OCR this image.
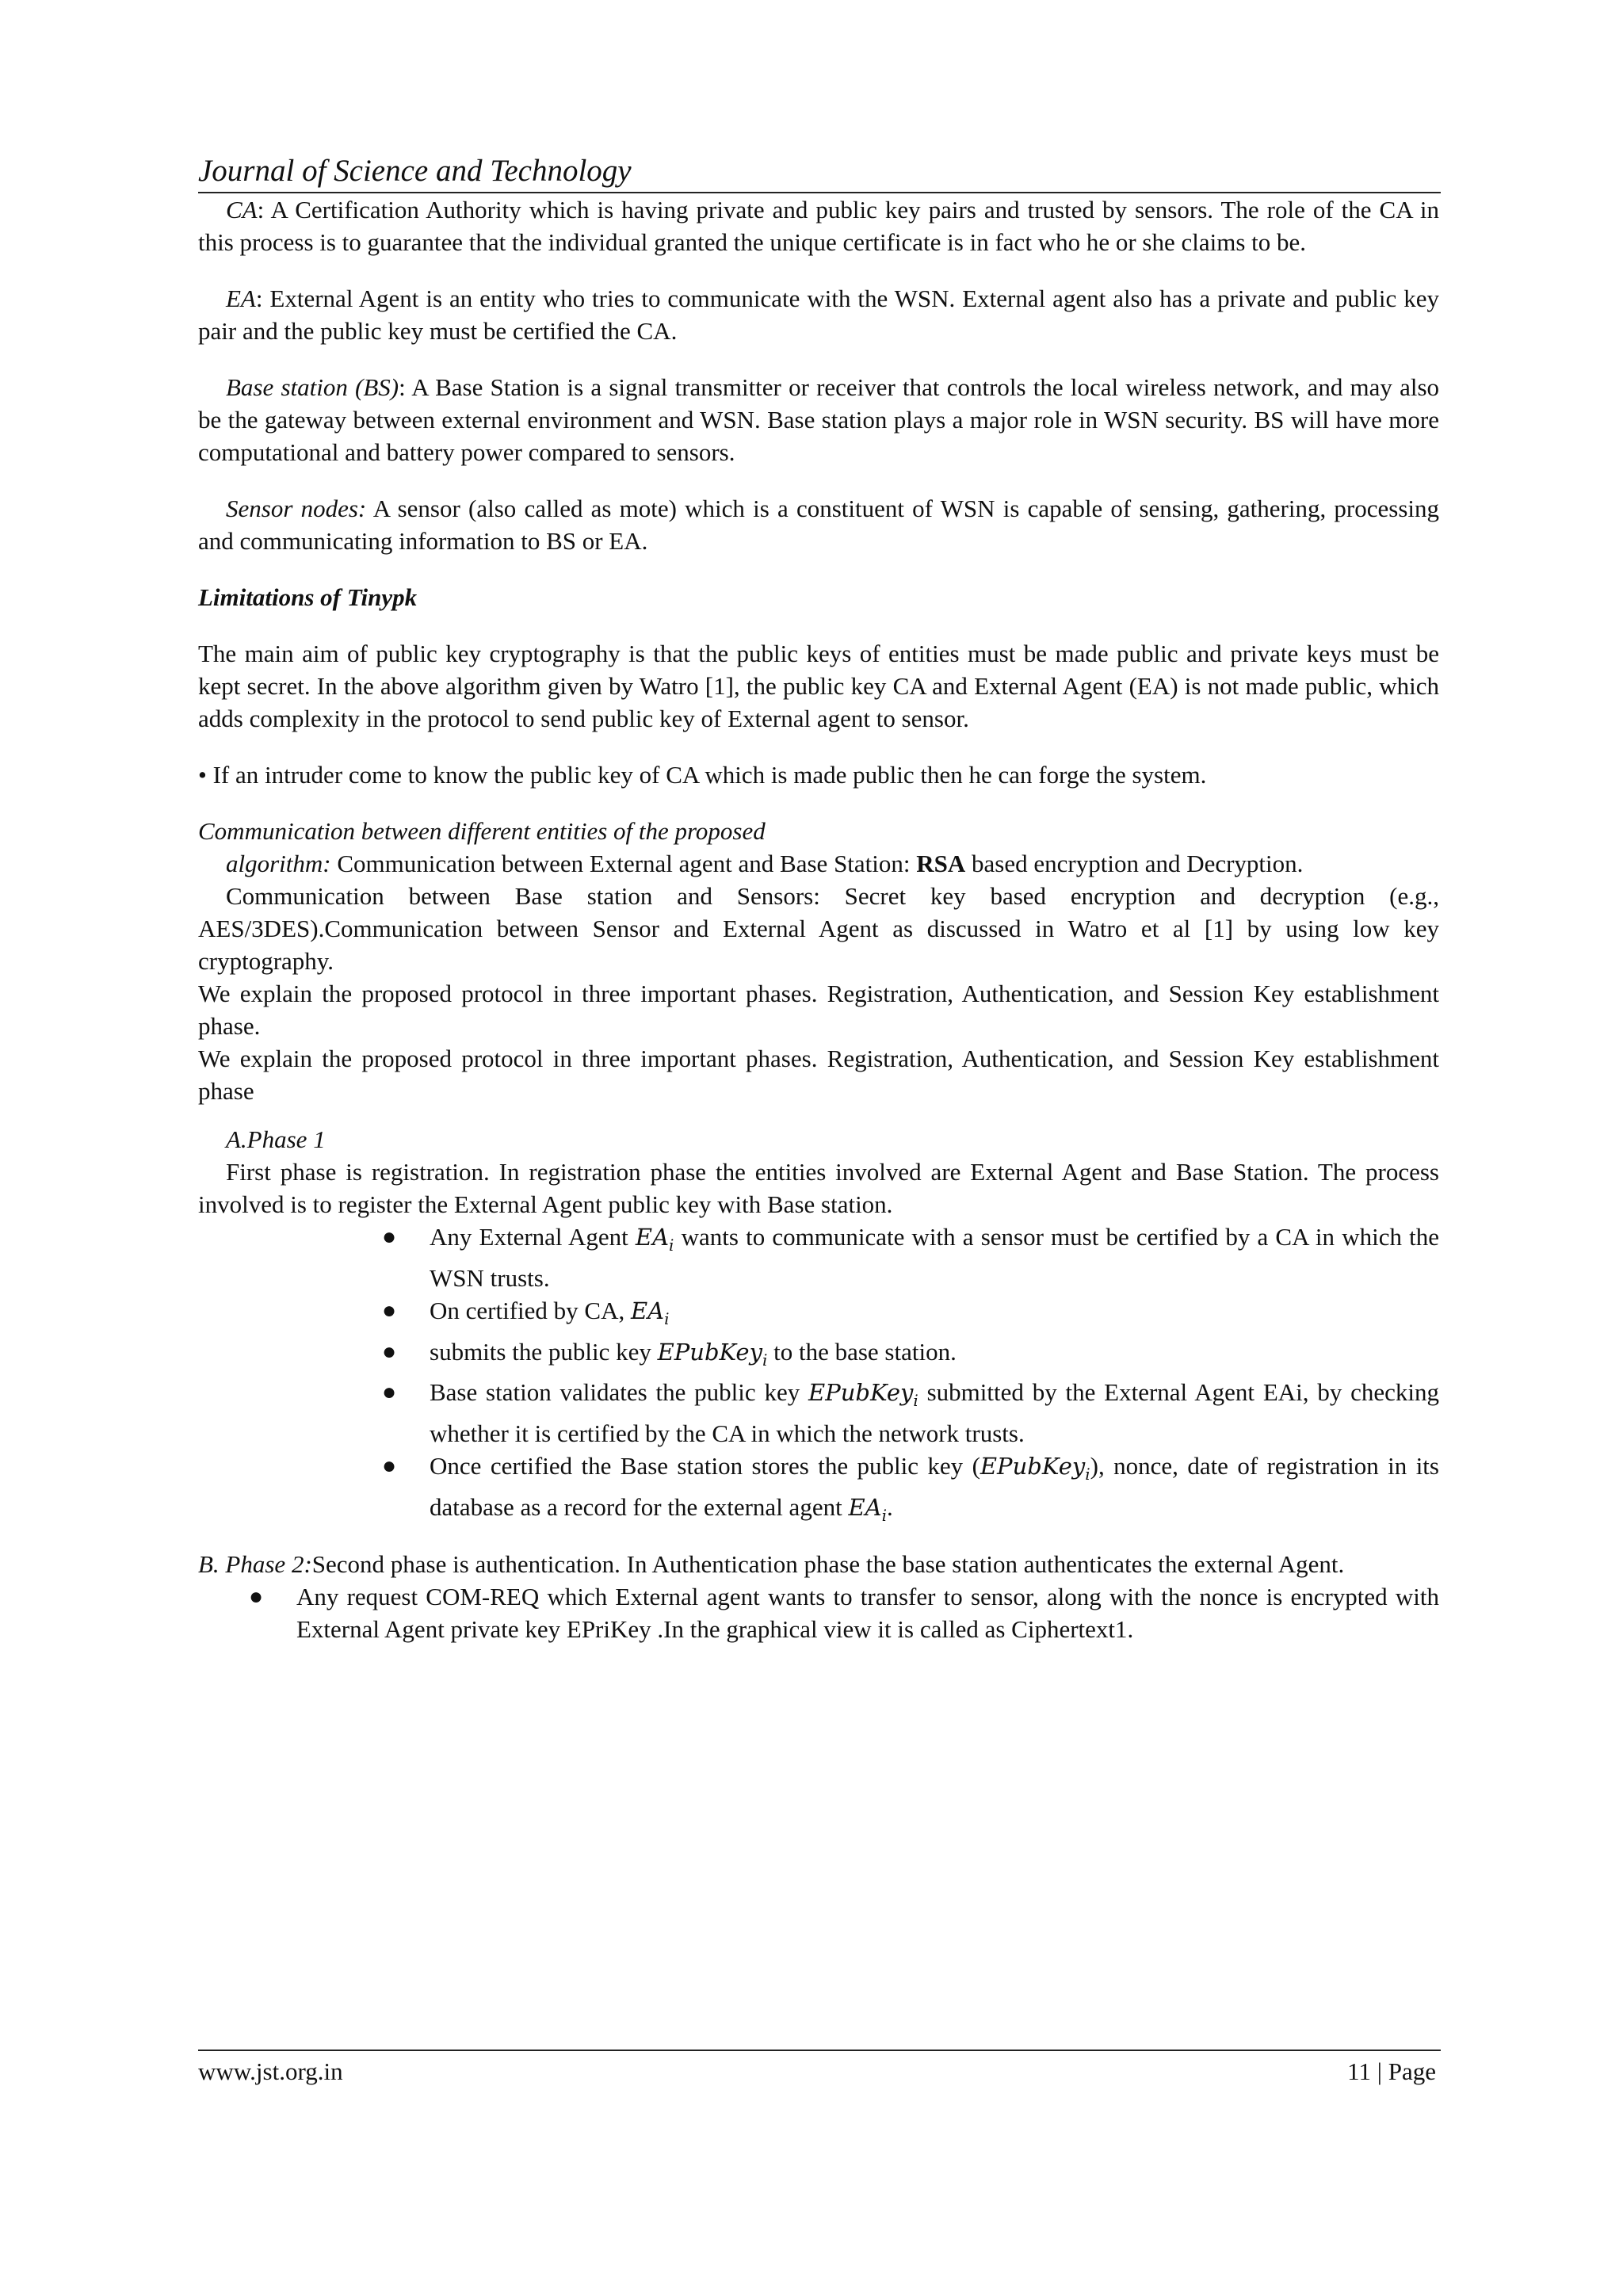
Journal of Science and Technology

CA: A Certification Authority which is having private and public key pairs and trusted by sensors. The role of the CA in this process is to guarantee that the individual granted the unique certificate is in fact who he or she claims to be.

EA: External Agent is an entity who tries to communicate with the WSN. External agent also has a private and public key pair and the public key must be certified the CA.

Base station (BS): A Base Station is a signal transmitter or receiver that controls the local wireless network, and may also be the gateway between external environment and WSN. Base station plays a major role in WSN security. BS will have more computational and battery power compared to sensors.

Sensor nodes: A sensor (also called as mote) which is a constituent of WSN is capable of sensing, gathering, processing and communicating information to BS or EA.

Limitations of Tinypk

The main aim of public key cryptography is that the public keys of entities must be made public and private keys must be kept secret. In the above algorithm given by Watro [1], the public key CA and External Agent (EA) is not made public, which adds complexity in the protocol to send public key of External agent to sensor.

• If an intruder come to know the public key of CA which is made public then he can forge the system.

Communication between different entities of the proposed

algorithm: Communication between External agent and Base Station: RSA based encryption and Decryption.

Communication between Base station and Sensors: Secret key based encryption and decryption (e.g., AES/3DES).Communication between Sensor and External Agent as discussed in Watro et al [1] by using low key cryptography.

We explain the proposed protocol in three important phases. Registration, Authentication, and Session Key establishment phase.

We explain the proposed protocol in three important phases. Registration, Authentication, and Session Key establishment phase

A.Phase 1

First phase is registration. In registration phase the entities involved are External Agent and Base Station. The process involved is to register the External Agent public key with Base station.

● Any External Agent $EA_i$ wants to communicate with a sensor must be certified by a CA in which the WSN trusts.
● On certified by CA, $EA_i$
● submits the public key EPubKey$_i$ to the base station.
● Base station validates the public key EPubKey$_i$ submitted by the External Agent EAi, by checking whether it is certified by the CA in which the network trusts.
● Once certified the Base station stores the public key (EPubKey$_i$), nonce, date of registration in its database as a record for the external agent $EA_i$.

B. Phase 2:Second phase is authentication. In Authentication phase the base station authenticates the external Agent.

● Any request COM-REQ which External agent wants to transfer to sensor, along with the nonce is encrypted with External Agent private key EPriKey .In the graphical view it is called as Ciphertext1.
www.jst.org.in	11 | Page
